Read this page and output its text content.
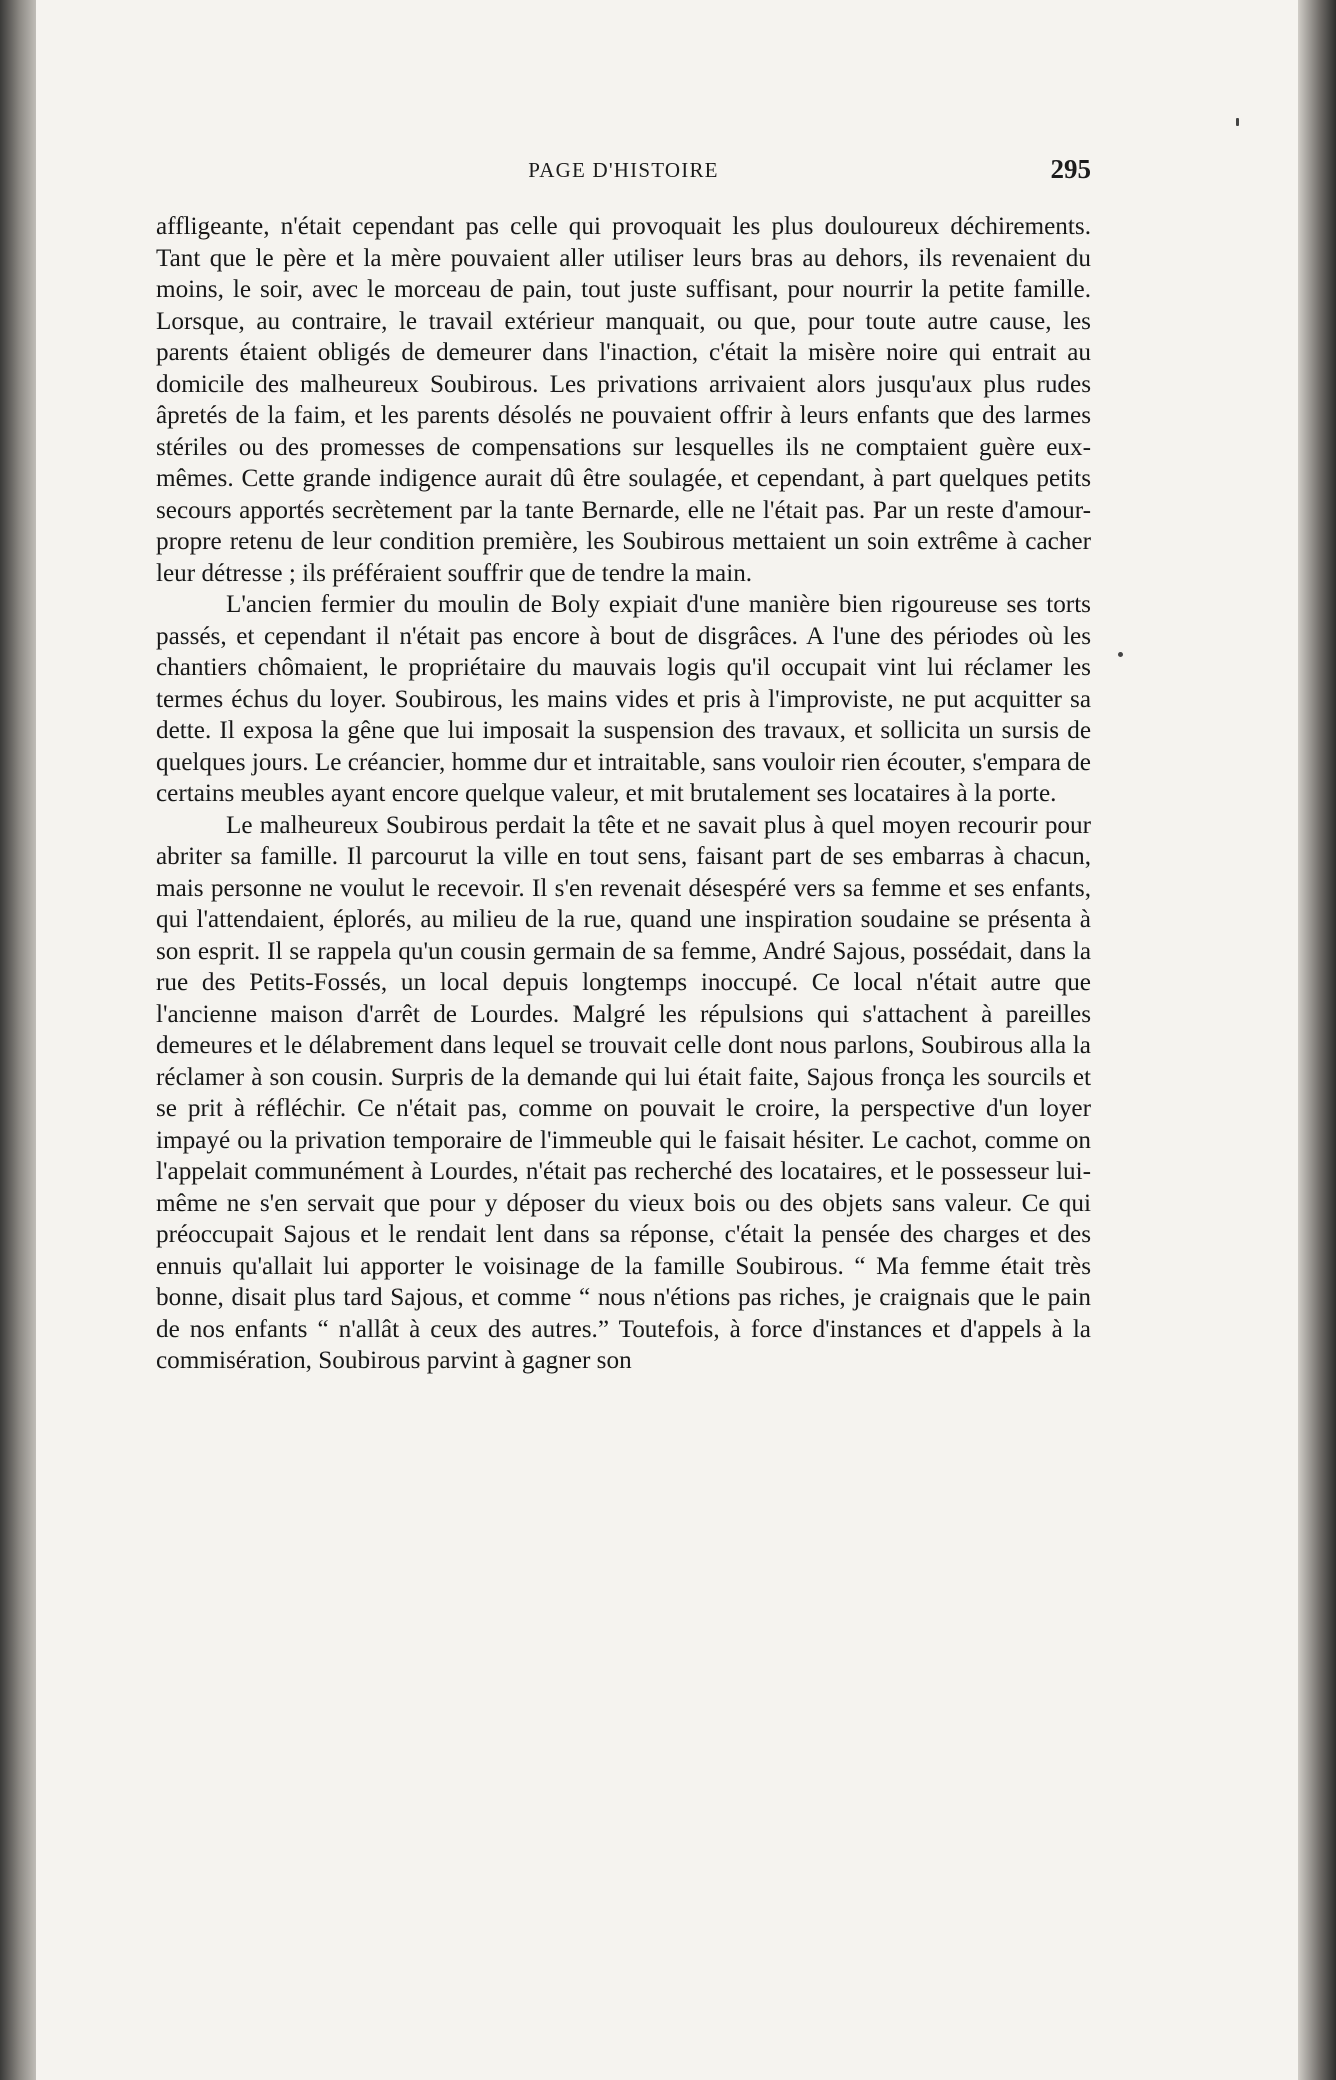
PAGE D'HISTOIRE	295

affligeante, n'était cependant pas celle qui provoquait les plus douloureux déchirements. Tant que le père et la mère pouvaient aller utiliser leurs bras au dehors, ils revenaient du moins, le soir, avec le morceau de pain, tout juste suffisant, pour nourrir la petite famille. Lorsque, au contraire, le travail extérieur manquait, ou que, pour toute autre cause, les parents étaient obligés de demeurer dans l'inaction, c'était la misère noire qui entrait au domicile des malheureux Soubirous. Les privations arrivaient alors jusqu'aux plus rudes âpretés de la faim, et les parents désolés ne pouvaient offrir à leurs enfants que des larmes stériles ou des promesses de compensations sur lesquelles ils ne comptaient guère eux-mêmes. Cette grande indigence aurait dû être soulagée, et cependant, à part quelques petits secours apportés secrètement par la tante Bernarde, elle ne l'était pas. Par un reste d'amour-propre retenu de leur condition première, les Soubirous mettaient un soin extrême à cacher leur détresse ; ils préféraient souffrir que de tendre la main.

L'ancien fermier du moulin de Boly expiait d'une manière bien rigoureuse ses torts passés, et cependant il n'était pas encore à bout de disgrâces. A l'une des périodes où les chantiers chômaient, le propriétaire du mauvais logis qu'il occupait vint lui réclamer les termes échus du loyer. Soubirous, les mains vides et pris à l'improviste, ne put acquitter sa dette. Il exposa la gêne que lui imposait la suspension des travaux, et sollicita un sursis de quelques jours. Le créancier, homme dur et intraitable, sans vouloir rien écouter, s'empara de certains meubles ayant encore quelque valeur, et mit brutalement ses locataires à la porte.

Le malheureux Soubirous perdait la tête et ne savait plus à quel moyen recourir pour abriter sa famille. Il parcourut la ville en tout sens, faisant part de ses embarras à chacun, mais personne ne voulut le recevoir. Il s'en revenait désespéré vers sa femme et ses enfants, qui l'attendaient, éplorés, au milieu de la rue, quand une inspiration soudaine se présenta à son esprit. Il se rappela qu'un cousin germain de sa femme, André Sajous, possédait, dans la rue des Petits-Fossés, un local depuis longtemps inoccupé. Ce local n'était autre que l'ancienne maison d'arrêt de Lourdes. Malgré les répulsions qui s'attachent à pareilles demeures et le délabrement dans lequel se trouvait celle dont nous parlons, Soubirous alla la réclamer à son cousin. Surpris de la demande qui lui était faite, Sajous fronça les sourcils et se prit à réfléchir. Ce n'était pas, comme on pouvait le croire, la perspective d'un loyer impayé ou la privation temporaire de l'immeuble qui le faisait hésiter. Le cachot, comme on l'appelait communément à Lourdes, n'était pas recherché des locataires, et le possesseur lui-même ne s'en servait que pour y déposer du vieux bois ou des objets sans valeur. Ce qui préoccupait Sajous et le rendait lent dans sa réponse, c'était la pensée des charges et des ennuis qu'allait lui apporter le voisinage de la famille Soubirous. “ Ma femme était très bonne, disait plus tard Sajous, et comme “ nous n'étions pas riches, je craignais que le pain de nos enfants “ n'allât à ceux des autres.” Toutefois, à force d'instances et d'appels à la commisération, Soubirous parvint à gagner son
